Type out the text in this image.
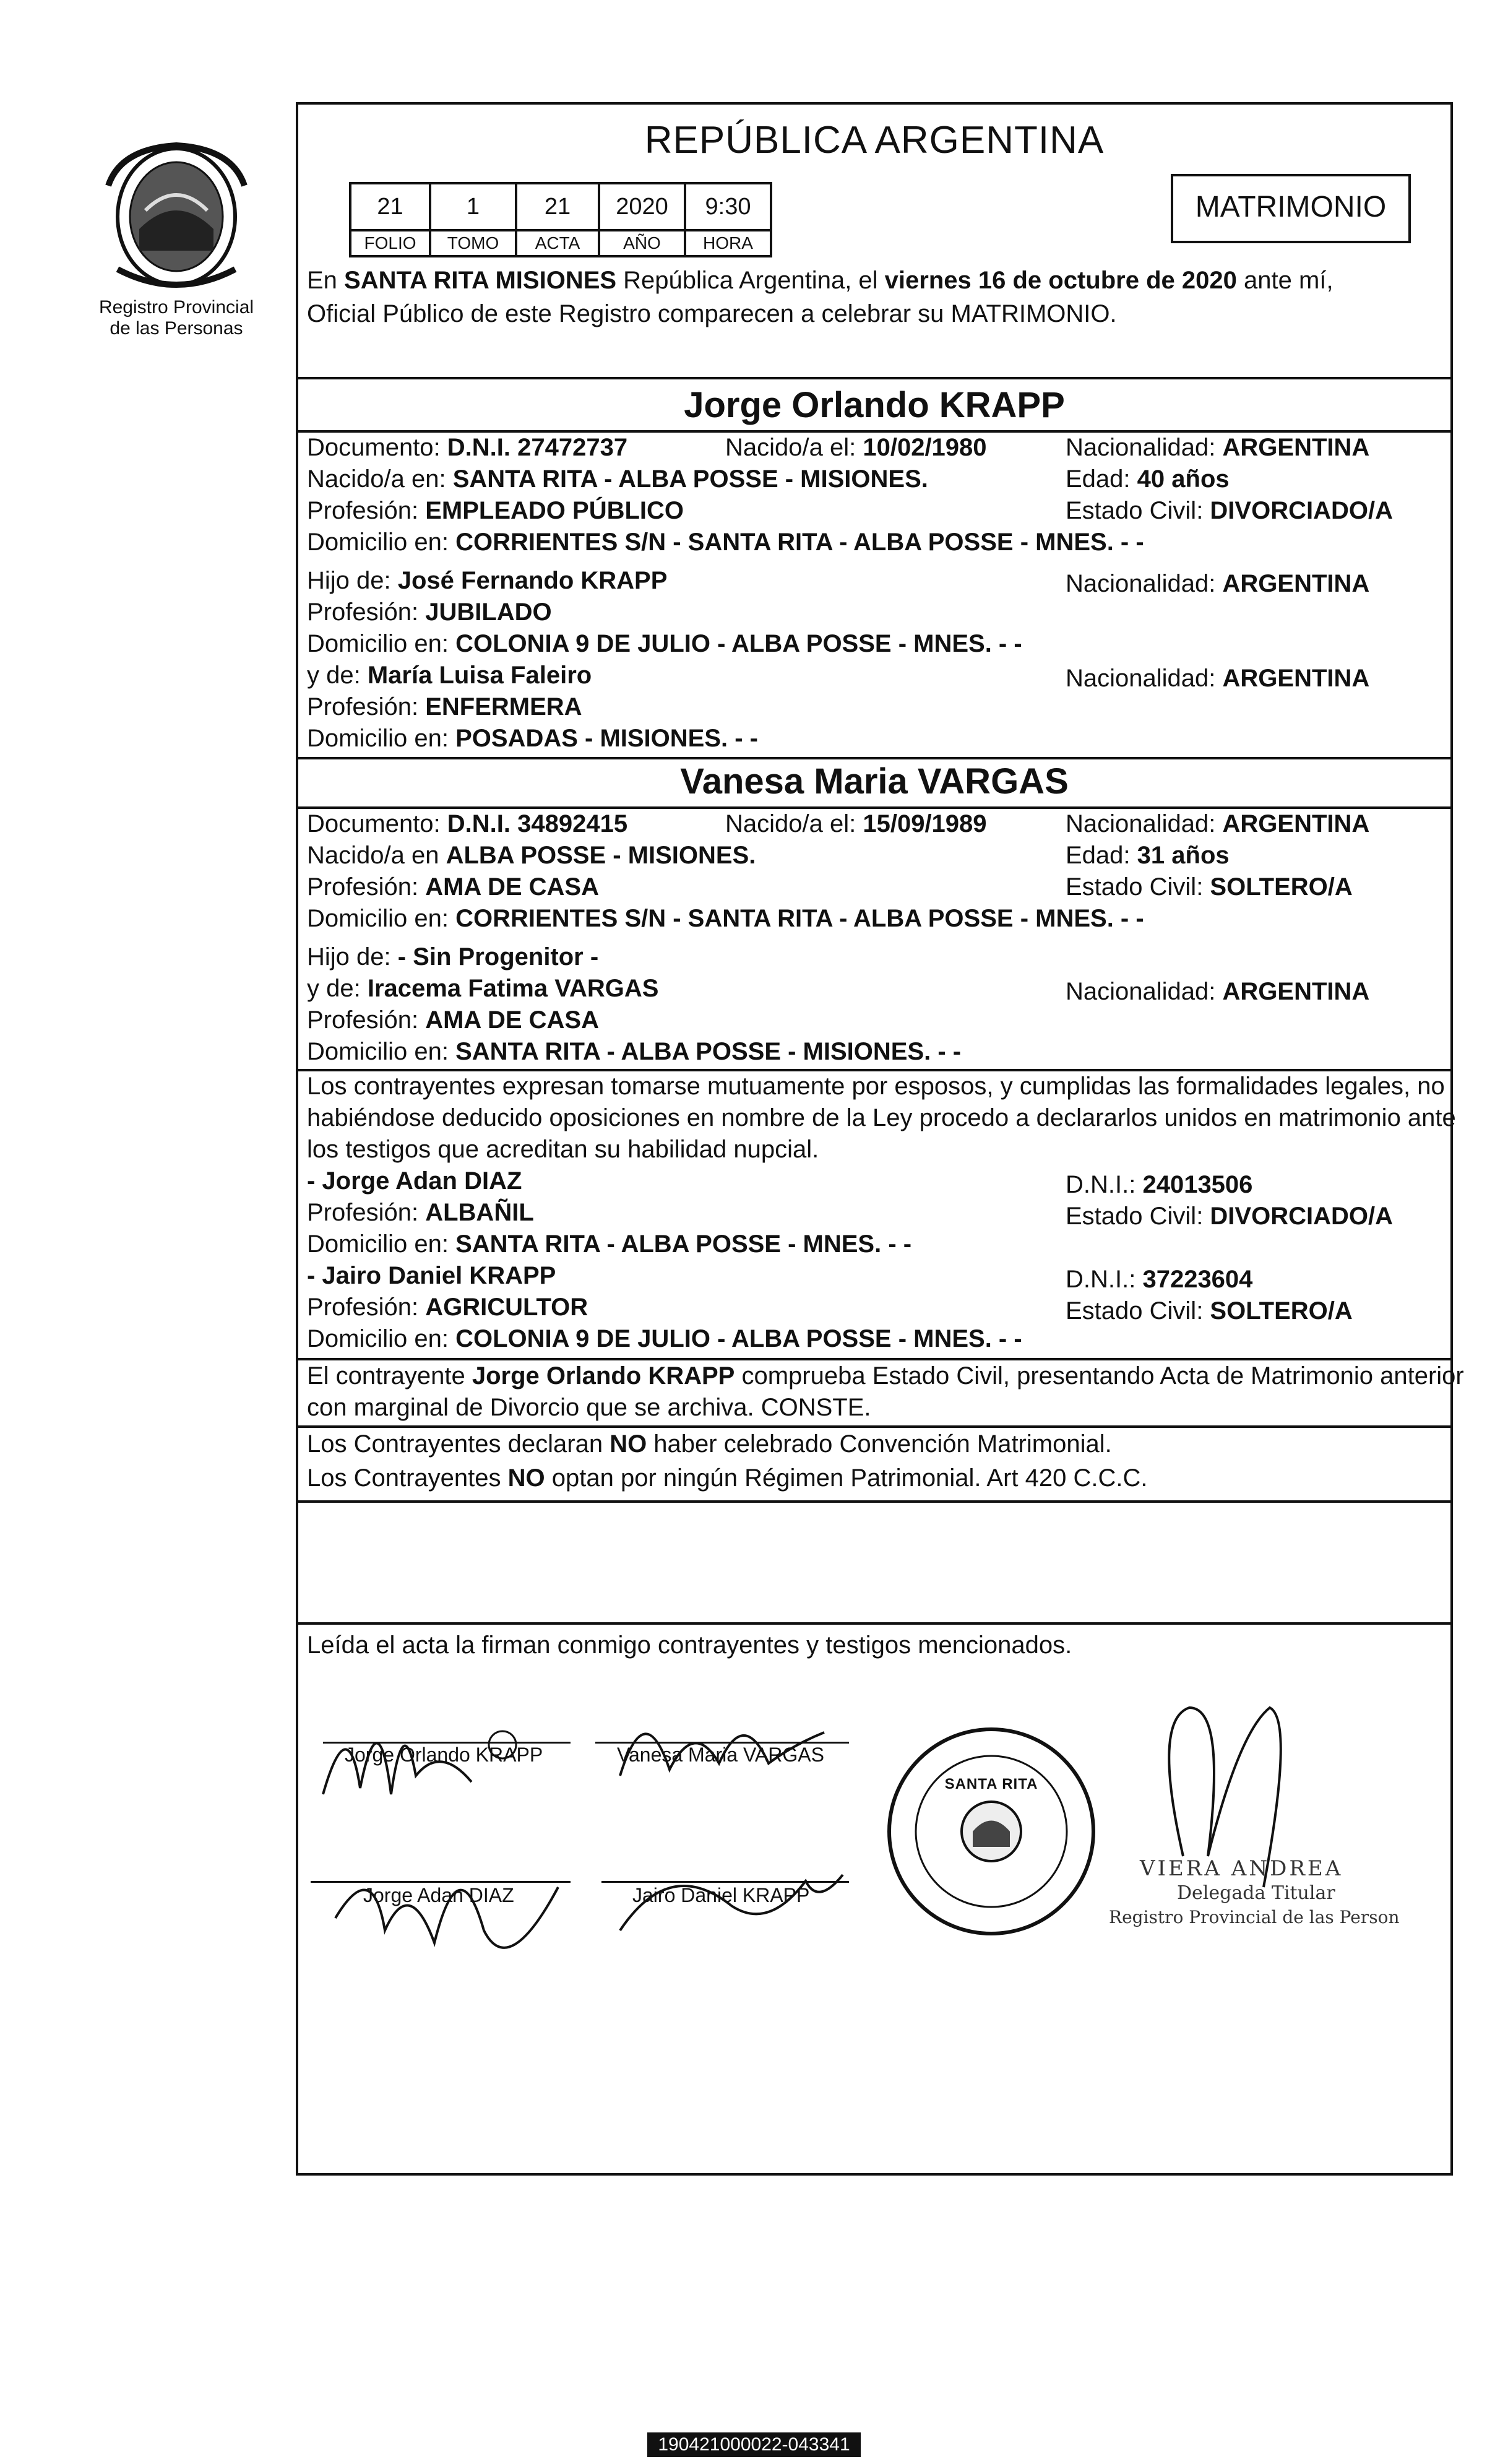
Registro Provincial
de las Personas
REPÚBLICA ARGENTINA
21	1	21	2020	9:30
FOLIO	TOMO	ACTA	AÑO	HORA
MATRIMONIO
En SANTA RITA MISIONES República Argentina, el viernes 16 de octubre de 2020 ante mí,
Oficial Público de este Registro comparecen a celebrar su MATRIMONIO.
Jorge Orlando KRAPP
Documento: D.N.I. 27472737	Nacido/a el: 10/02/1980	Nacionalidad: ARGENTINA
Nacido/a en: SANTA RITA - ALBA POSSE - MISIONES.	Edad: 40 años
Profesión: EMPLEADO PÚBLICO	Estado Civil: DIVORCIADO/A
Domicilio en: CORRIENTES S/N - SANTA RITA - ALBA POSSE - MNES. - -
Hijo de: José Fernando KRAPP	Nacionalidad: ARGENTINA
Profesión: JUBILADO
Domicilio en: COLONIA 9 DE JULIO - ALBA POSSE - MNES. - -
y de: María Luisa Faleiro	Nacionalidad: ARGENTINA
Profesión: ENFERMERA
Domicilio en: POSADAS - MISIONES. - -
Vanesa Maria VARGAS
Documento: D.N.I. 34892415	Nacido/a el: 15/09/1989	Nacionalidad: ARGENTINA
Nacido/a en ALBA POSSE - MISIONES.	Edad: 31 años
Profesión: AMA DE CASA	Estado Civil: SOLTERO/A
Domicilio en: CORRIENTES S/N - SANTA RITA - ALBA POSSE - MNES. - -
Hijo de: - Sin Progenitor -
y de: Iracema Fatima VARGAS	Nacionalidad: ARGENTINA
Profesión: AMA DE CASA
Domicilio en: SANTA RITA - ALBA POSSE - MISIONES. - -
Los contrayentes expresan tomarse mutuamente por esposos, y cumplidas las formalidades legales, no
habiéndose deducido oposiciones en nombre de la Ley procedo a declararlos unidos en matrimonio ante
los testigos que acreditan su habilidad nupcial.
- Jorge Adan DIAZ	D.N.I.: 24013506
Profesión: ALBAÑIL	Estado Civil: DIVORCIADO/A
Domicilio en: SANTA RITA - ALBA POSSE - MNES. - -
- Jairo Daniel KRAPP	D.N.I.: 37223604
Profesión: AGRICULTOR	Estado Civil: SOLTERO/A
Domicilio en: COLONIA 9 DE JULIO - ALBA POSSE - MNES. - -
El contrayente Jorge Orlando KRAPP comprueba Estado Civil, presentando Acta de Matrimonio anterior
con marginal de Divorcio que se archiva. CONSTE.
Los Contrayentes declaran NO haber celebrado Convención Matrimonial.
Los Contrayentes NO optan por ningún Régimen Patrimonial. Art 420 C.C.C.
Leída el acta la firman conmigo contrayentes y testigos mencionados.
Jorge Orlando KRAPP	Vanesa Maria VARGAS
Jorge Adan DIAZ	Jairo Daniel KRAPP
SANTA RITA
VIERA ANDREA
Delegada Titular
Registro Provincial de las Person
190421000022-043341
